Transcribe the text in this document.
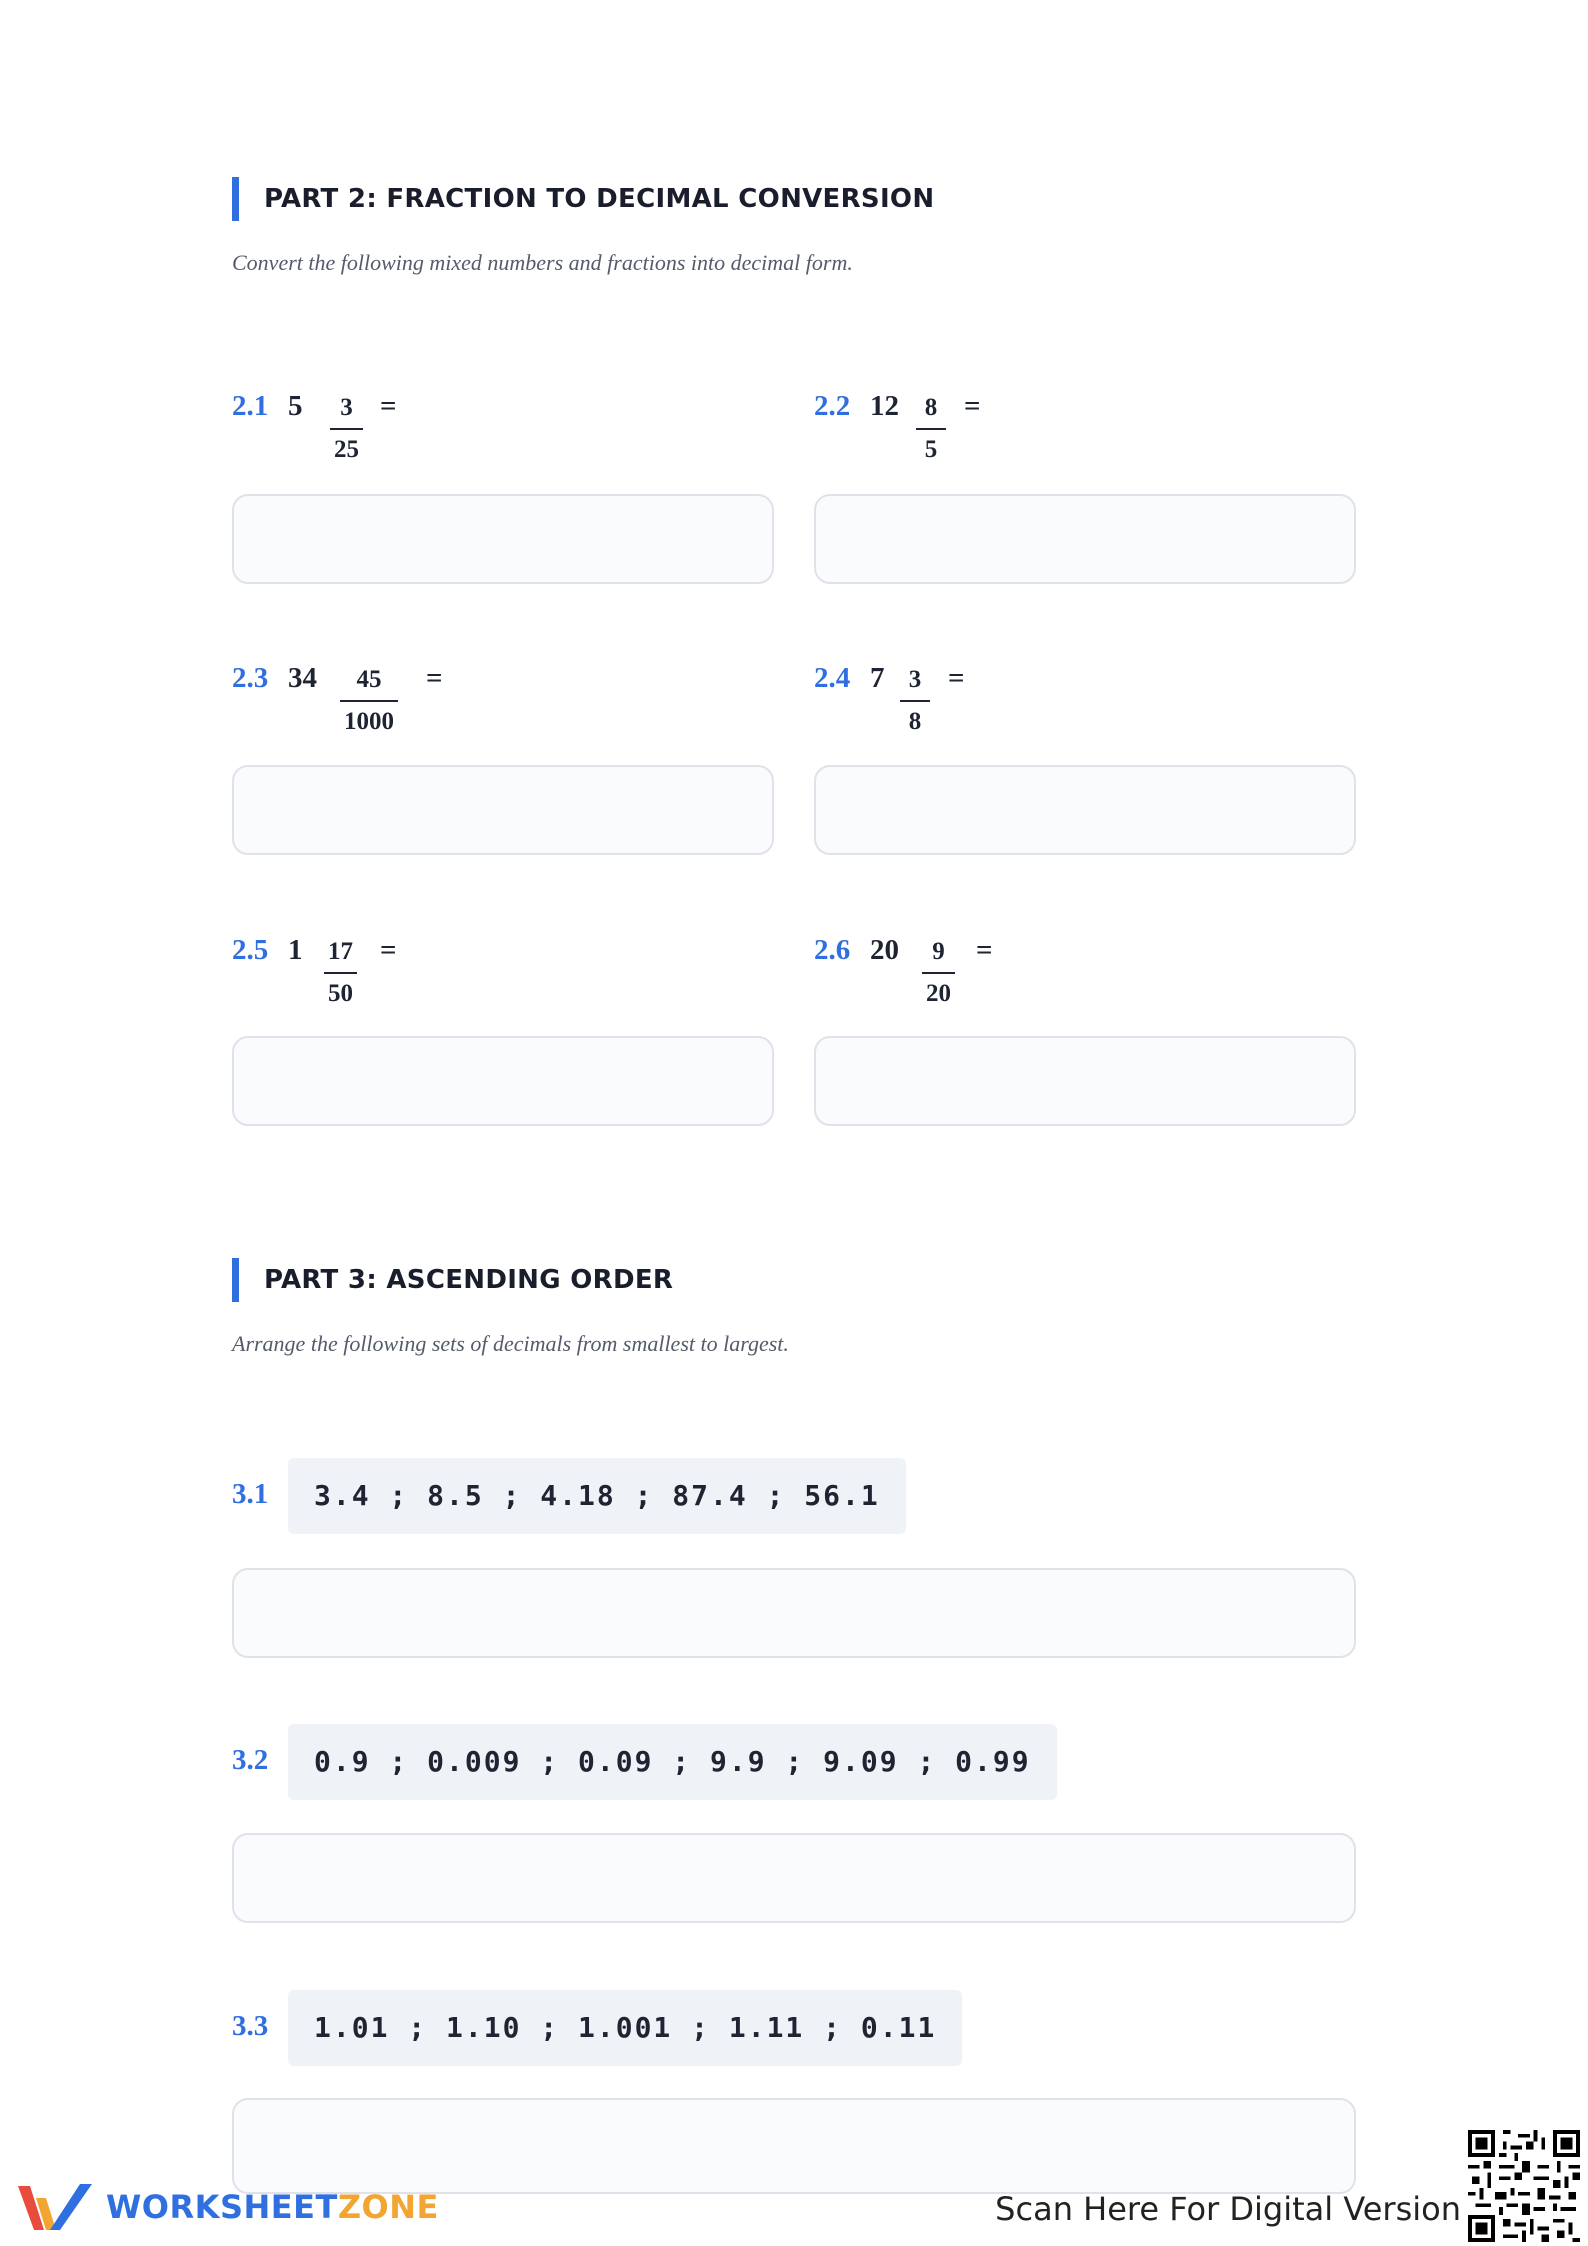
PART 2: FRACTION TO DECIMAL CONVERSION
Convert the following mixed numbers and fractions into decimal form.
2.1 5 3
25
=	2.2 12 8
5
=
2.3 34 45
1000
=	2.4 7 3
8
=
2.5 1 17
50
=	2.6 20 9
20
=
PART 3: ASCENDING ORDER
Arrange the following sets of decimals from smallest to largest.
3.1	3.4 ; 8.5 ; 4.18 ; 87.4 ; 56.1
3.2	0.9 ; 0.009 ; 0.09 ; 9.9 ; 9.09 ; 0.99
3.3	1.01 ; 1.10 ; 1.001 ; 1.11 ; 0.11
WORKSHEETZONE	Scan Here For Digital Version
